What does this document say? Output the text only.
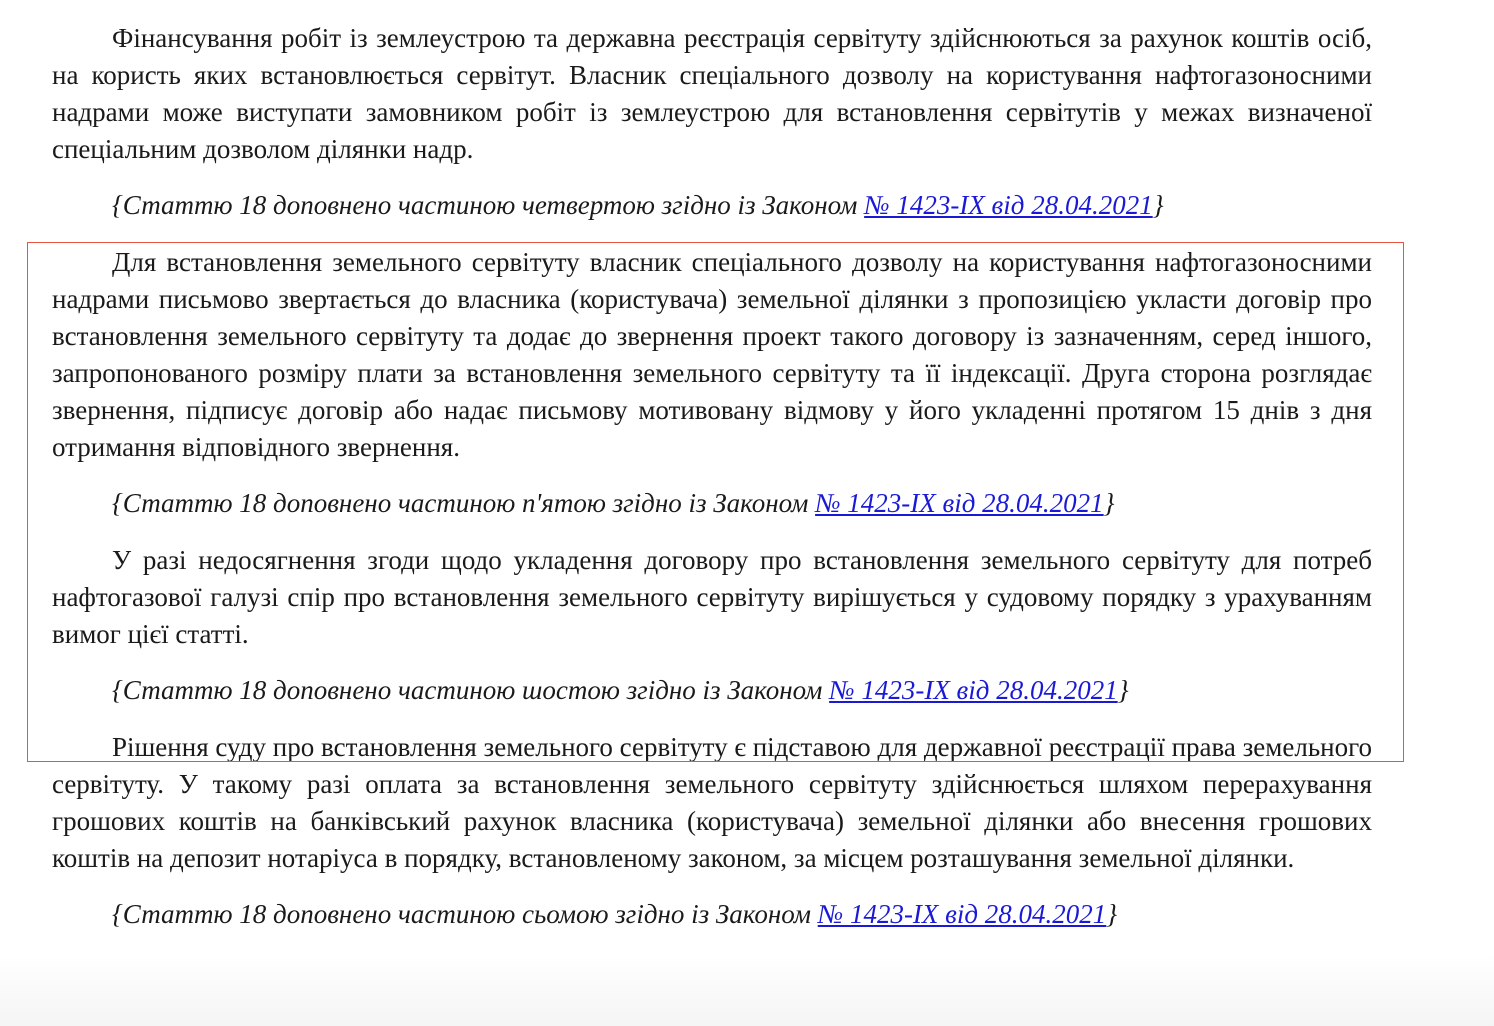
Фінансування робіт із землеустрою та державна реєстрація сервітуту здійснюються за рахунок коштів осіб, на користь яких встановлюється сервітут. Власник спеціального дозволу на користування нафтогазоносними надрами може виступати замовником робіт із землеустрою для встановлення сервітутів у межах визначеної спеціальним дозволом ділянки надр.

{Статтю 18 доповнено частиною четвертою згідно із Законом № 1423-IX від 28.04.2021}

Для встановлення земельного сервітуту власник спеціального дозволу на користування нафтогазоносними надрами письмово звертається до власника (користувача) земельної ділянки з пропозицією укласти договір про встановлення земельного сервітуту та додає до звернення проект такого договору із зазначенням, серед іншого, запропонованого розміру плати за встановлення земельного сервітуту та її індексації. Друга сторона розглядає звернення, підписує договір або надає письмову мотивовану відмову у його укладенні протягом 15 днів з дня отримання відповідного звернення.

{Статтю 18 доповнено частиною п'ятою згідно із Законом № 1423-IX від 28.04.2021}

У разі недосягнення згоди щодо укладення договору про встановлення земельного сервітуту для потреб нафтогазової галузі спір про встановлення земельного сервітуту вирішується у судовому порядку з урахуванням вимог цієї статті.

{Статтю 18 доповнено частиною шостою згідно із Законом № 1423-IX від 28.04.2021}

Рішення суду про встановлення земельного сервітуту є підставою для державної реєстрації права земельного сервітуту. У такому разі оплата за встановлення земельного сервітуту здійснюється шляхом перерахування грошових коштів на банківський рахунок власника (користувача) земельної ділянки або внесення грошових коштів на депозит нотаріуса в порядку, встановленому законом, за місцем розташування земельної ділянки.

{Статтю 18 доповнено частиною сьомою згідно із Законом № 1423-IX від 28.04.2021}
